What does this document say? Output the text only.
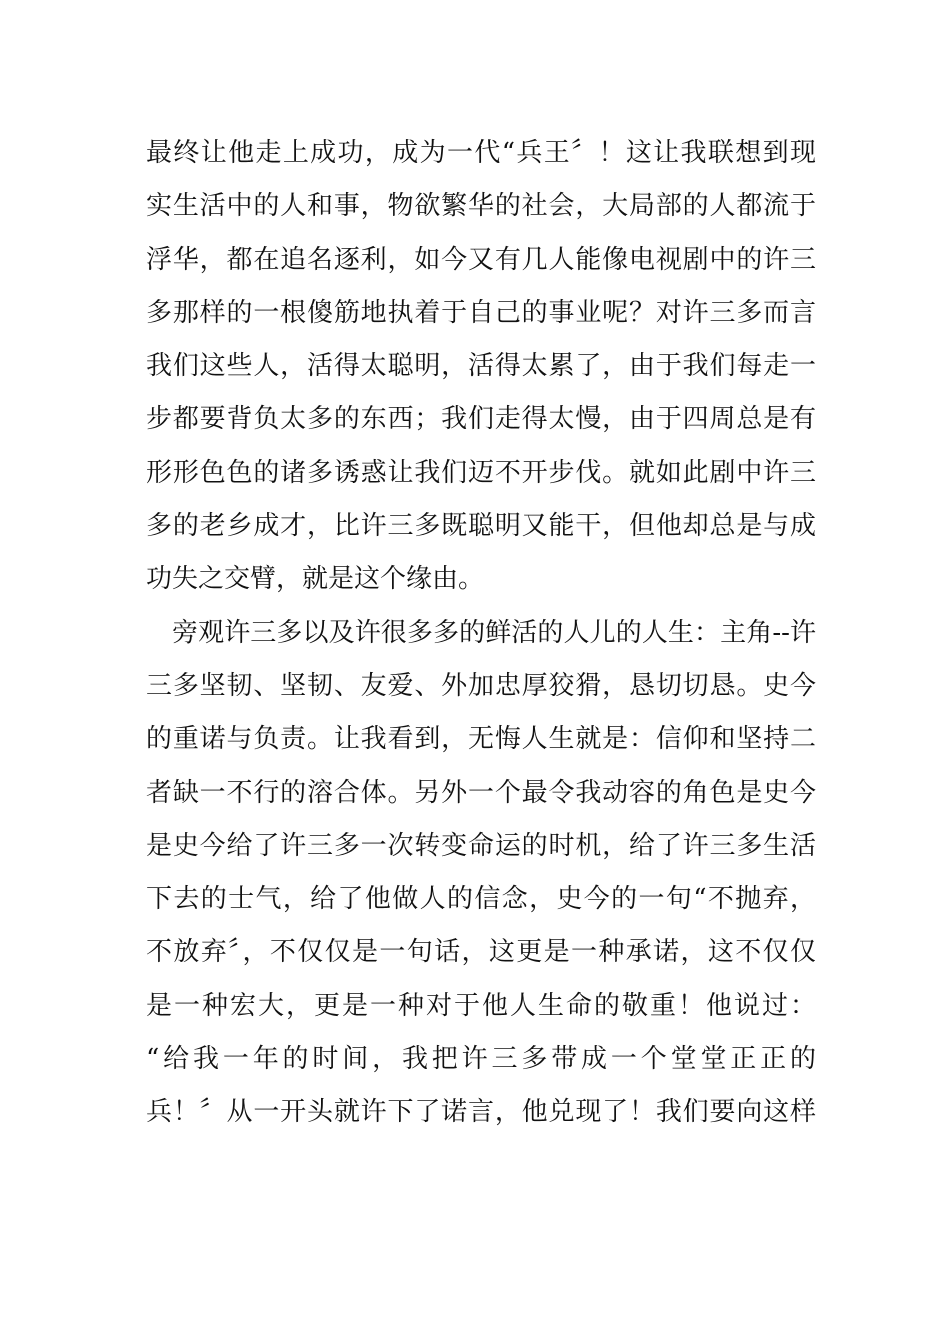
最终让他走上成功，成为一代“兵王〞！这让我联想到现
实生活中的人和事，物欲繁华的社会，大局部的人都流于
浮华，都在追名逐利，如今又有几人能像电视剧中的许三
多那样的一根傻筋地执着于自己的事业呢？对许三多而言
我们这些人，活得太聪明，活得太累了，由于我们每走一
步都要背负太多的东西；我们走得太慢，由于四周总是有
形形色色的诸多诱惑让我们迈不开步伐。就如此剧中许三
多的老乡成才，比许三多既聪明又能干，但他却总是与成
功失之交臂，就是这个缘由。
旁观许三多以及许很多多的鲜活的人儿的人生：主角--许
三多坚韧、坚韧、友爱、外加忠厚狡猾，恳切切恳。史今
的重诺与负责。让我看到，无悔人生就是：信仰和坚持二
者缺一不行的溶合体。另外一个最令我动容的角色是史今
是史今给了许三多一次转变命运的时机，给了许三多生活
下去的士气，给了他做人的信念，史今的一句“不抛弃，
不放弃〞，不仅仅是一句话，这更是一种承诺，这不仅仅
是一种宏大，更是一种对于他人生命的敬重！他说过：
“给我一年的时间，我把许三多带成一个堂堂正正的
兵！〞从一开头就许下了诺言，他兑现了！我们要向这样
